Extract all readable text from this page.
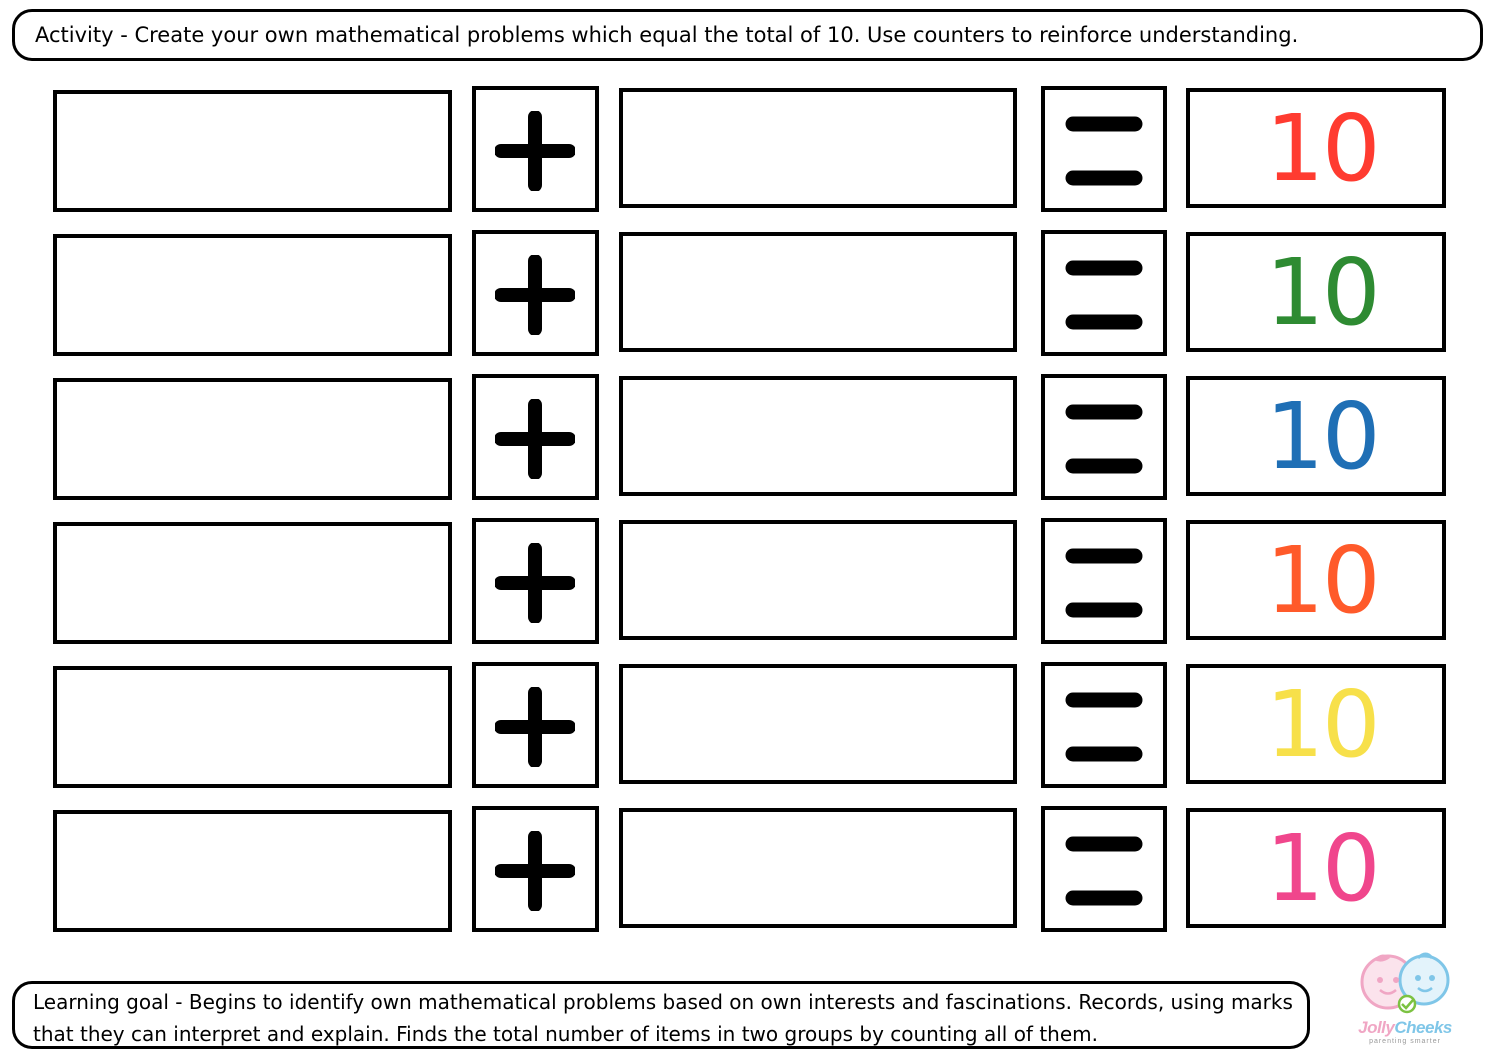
Activity - Create your own mathematical problems which equal the total of 10. Use counters to reinforce understanding.
10
10
10
10
10
10
Learning goal - Begins to identify own mathematical problems based on own interests and fascinations. Records, using marks
that they can interpret and explain. Finds the total number of items in two groups by counting all of them.	JollyCheeks
parenting smarter
